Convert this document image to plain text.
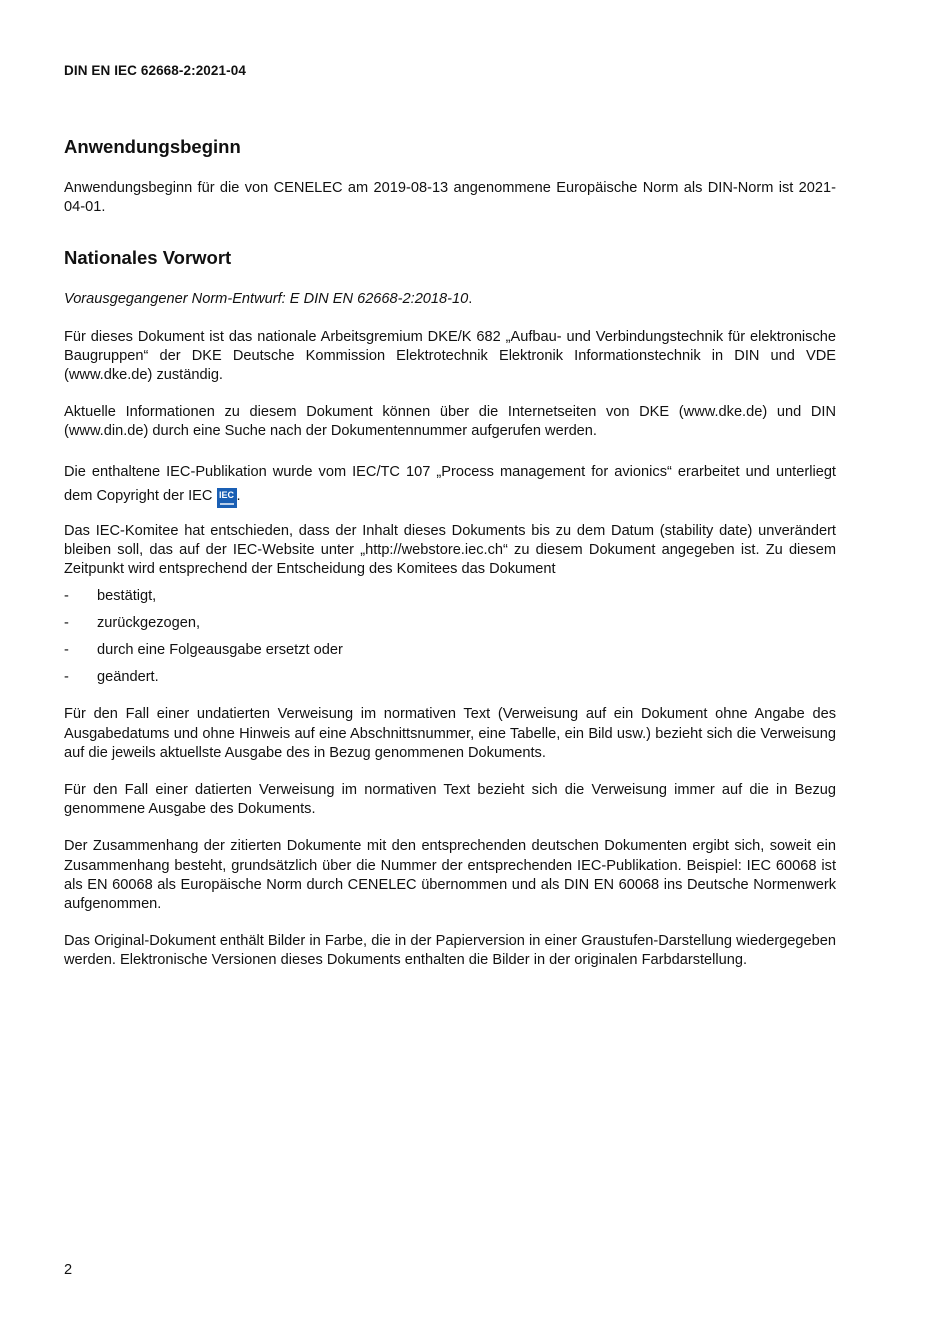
DIN EN IEC 62668-2:2021-04
Anwendungsbeginn

Anwendungsbeginn für die von CENELEC am 2019-08-13 angenommene Europäische Norm als DIN-Norm ist 2021-04-01.

Nationales Vorwort

Vorausgegangener Norm-Entwurf: E DIN EN 62668-2:2018-10.

Für dieses Dokument ist das nationale Arbeitsgremium DKE/K 682 „Aufbau- und Verbindungstechnik für elektronische Baugruppen“ der DKE Deutsche Kommission Elektrotechnik Elektronik Informationstechnik in DIN und VDE (www.dke.de) zuständig.

Aktuelle Informationen zu diesem Dokument können über die Internetseiten von DKE (www.dke.de) und DIN (www.din.de) durch eine Suche nach der Dokumentennummer aufgerufen werden.

Die enthaltene IEC-Publikation wurde vom IEC/TC 107 „Process management for avionics“ erarbeitet und unterliegt dem Copyright der IEC IEC .

Das IEC-Komitee hat entschieden, dass der Inhalt dieses Dokuments bis zu dem Datum (stability date) unverändert bleiben soll, das auf der IEC-Website unter „http://webstore.iec.ch“ zu diesem Dokument angegeben ist. Zu diesem Zeitpunkt wird entsprechend der Entscheidung des Komitees das Dokument

- bestätigt,
- zurückgezogen,
- durch eine Folgeausgabe ersetzt oder
- geändert.

Für den Fall einer undatierten Verweisung im normativen Text (Verweisung auf ein Dokument ohne Angabe des Ausgabedatums und ohne Hinweis auf eine Abschnittsnummer, eine Tabelle, ein Bild usw.) bezieht sich die Verweisung auf die jeweils aktuellste Ausgabe des in Bezug genommenen Dokuments.

Für den Fall einer datierten Verweisung im normativen Text bezieht sich die Verweisung immer auf die in Bezug genommene Ausgabe des Dokuments.

Der Zusammenhang der zitierten Dokumente mit den entsprechenden deutschen Dokumenten ergibt sich, soweit ein Zusammenhang besteht, grundsätzlich über die Nummer der entsprechenden IEC-Publikation. Beispiel: IEC 60068 ist als EN 60068 als Europäische Norm durch CENELEC übernommen und als DIN EN 60068 ins Deutsche Normenwerk aufgenommen.

Das Original-Dokument enthält Bilder in Farbe, die in der Papierversion in einer Graustufen-Darstellung wiedergegeben werden. Elektronische Versionen dieses Dokuments enthalten die Bilder in der originalen Farbdarstellung.

2
